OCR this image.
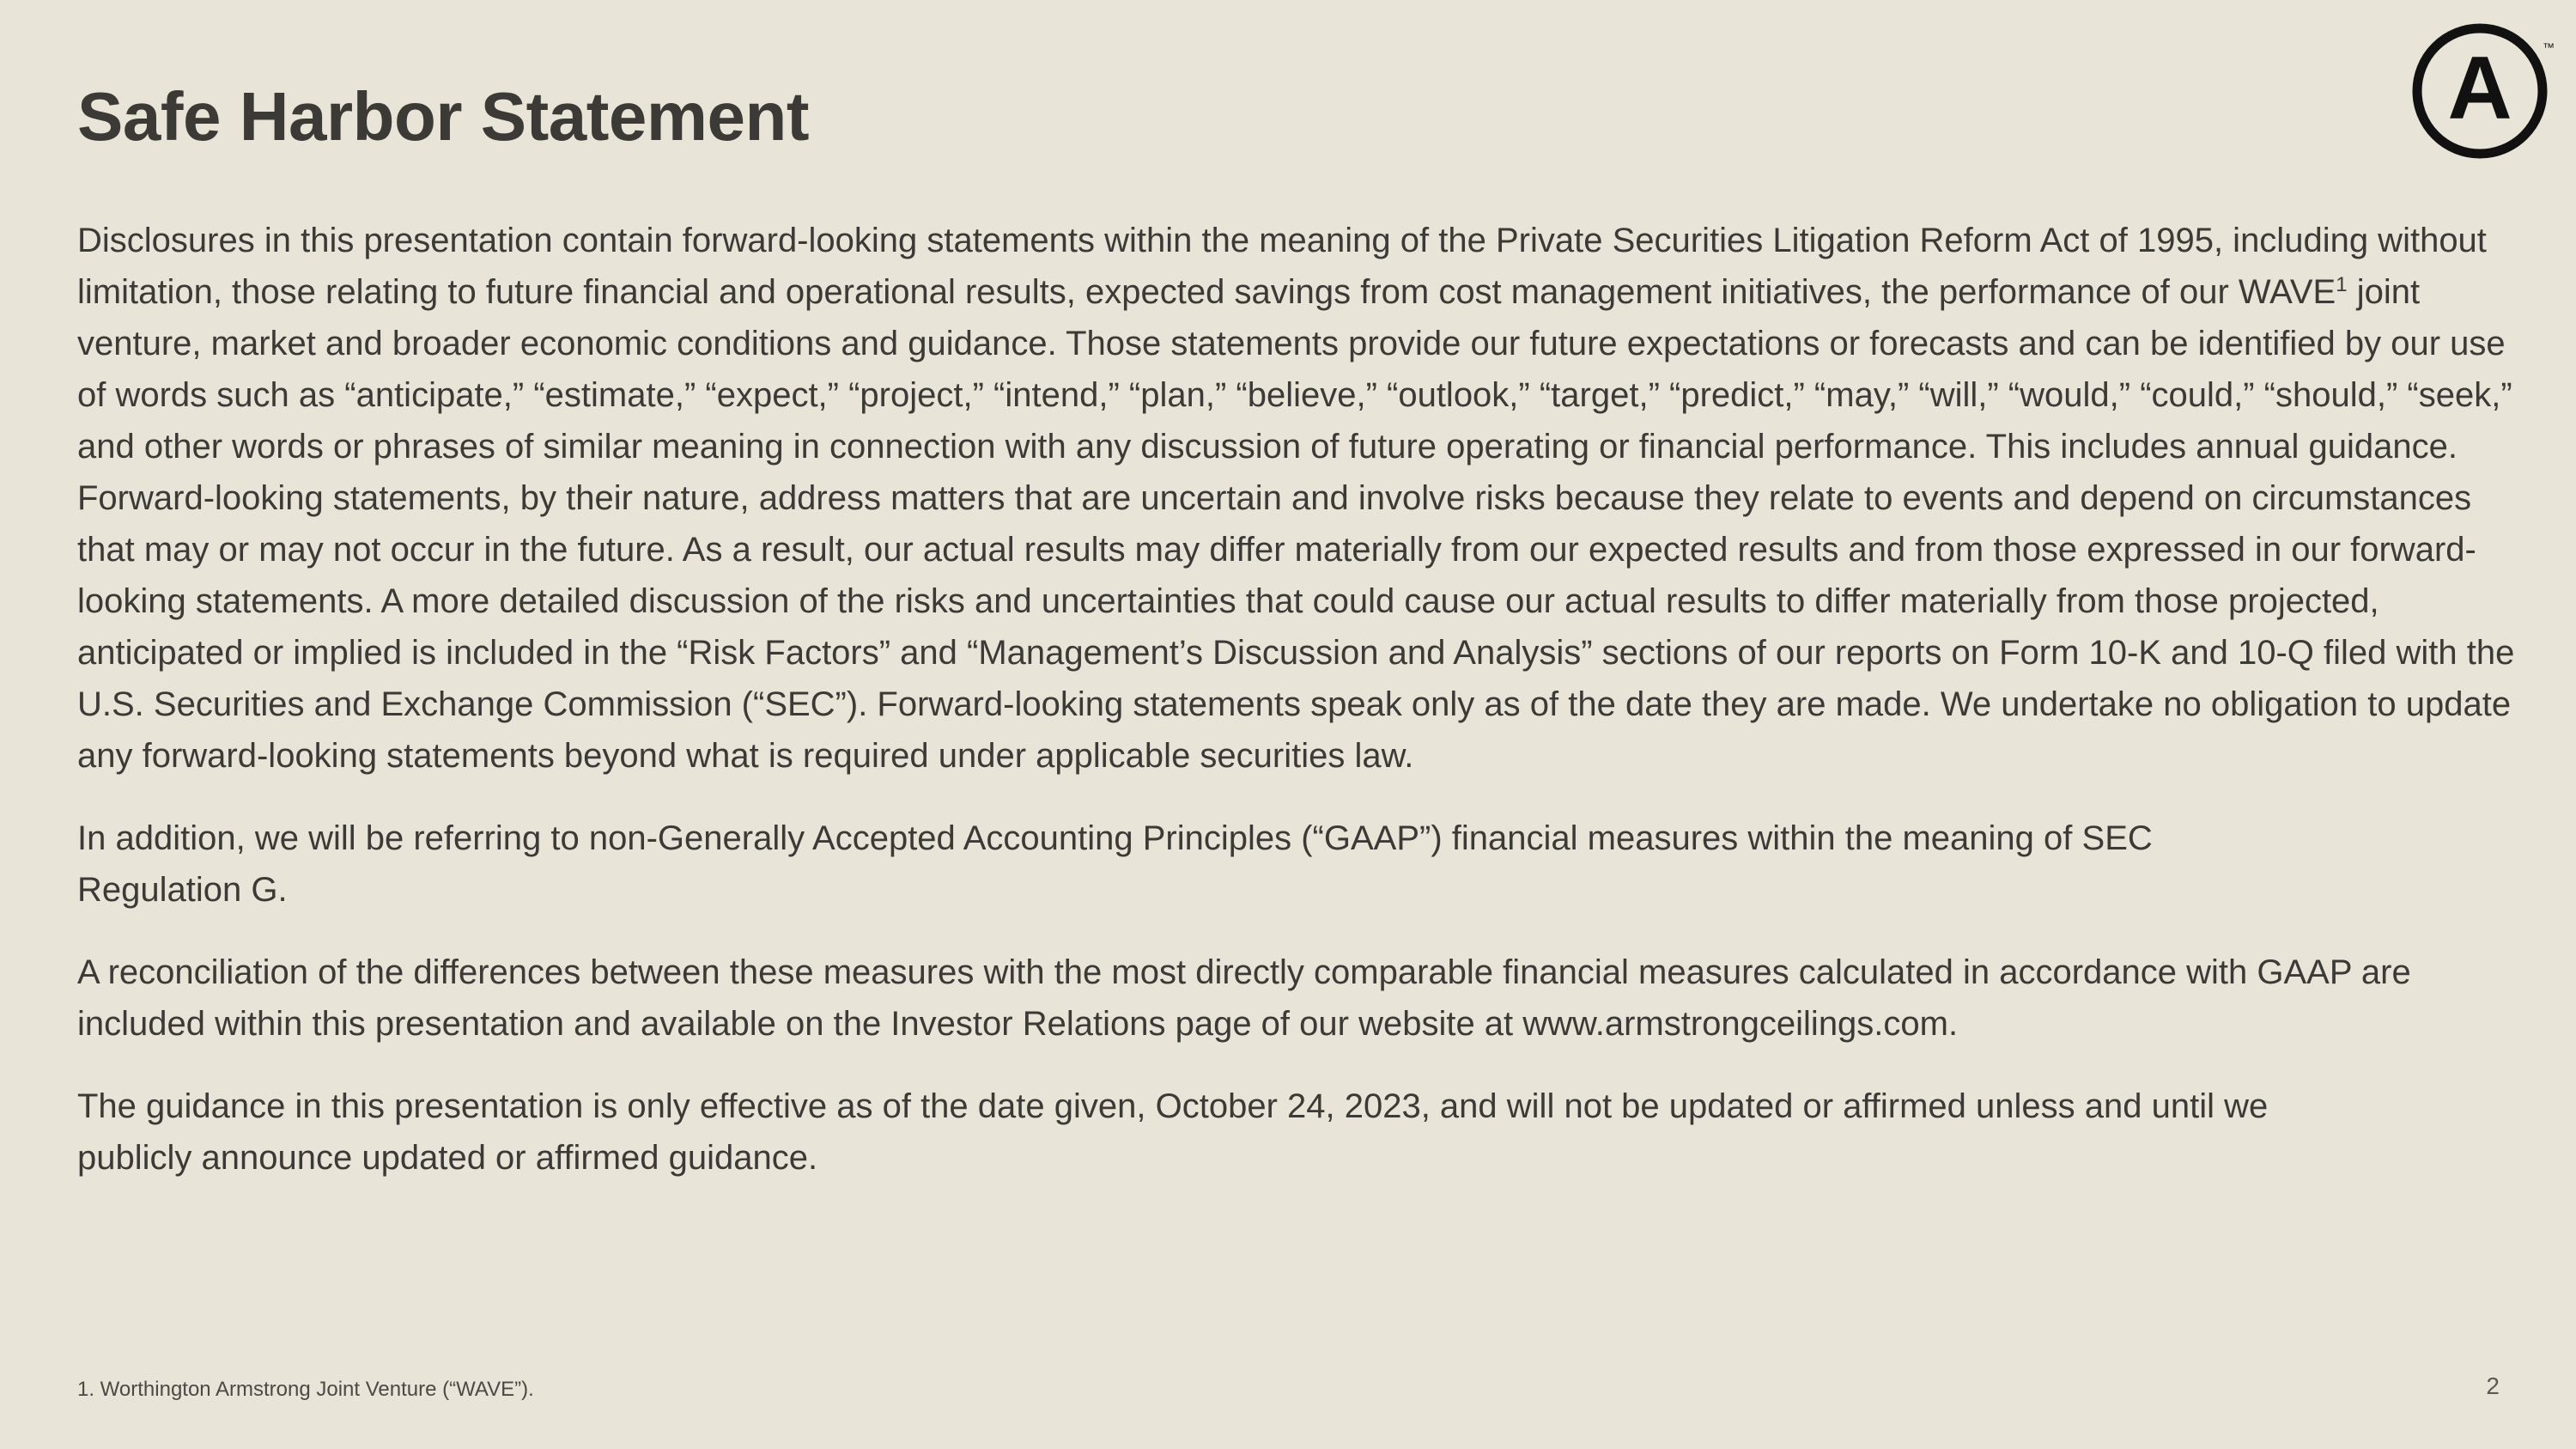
Safe Harbor Statement	A	™

Disclosures in this presentation contain forward-looking statements within the meaning of the Private Securities Litigation Reform Act of 1995, including without limitation, those relating to future financial and operational results, expected savings from cost management initiatives, the performance of our WAVE$^1$ joint venture, market and broader economic conditions and guidance. Those statements provide our future expectations or forecasts and can be identified by our use of words such as “anticipate,” “estimate,” “expect,” “project,” “intend,” “plan,” “believe,” “outlook,” “target,” “predict,” “may,” “will,” “would,” “could,” “should,” “seek,” and other words or phrases of similar meaning in connection with any discussion of future operating or financial performance. This includes annual guidance. Forward-looking statements, by their nature, address matters that are uncertain and involve risks because they relate to events and depend on circumstances that may or may not occur in the future. As a result, our actual results may differ materially from our expected results and from those expressed in our forward-looking statements. A more detailed discussion of the risks and uncertainties that could cause our actual results to differ materially from those projected, anticipated or implied is included in the “Risk Factors” and “Management’s Discussion and Analysis” sections of our reports on Form 10-K and 10-Q filed with the U.S. Securities and Exchange Commission (“SEC”). Forward-looking statements speak only as of the date they are made. We undertake no obligation to update any forward-looking statements beyond what is required under applicable securities law.

In addition, we will be referring to non-Generally Accepted Accounting Principles (“GAAP”) financial measures within the meaning of SEC Regulation G.

A reconciliation of the differences between these measures with the most directly comparable financial measures calculated in accordance with GAAP are included within this presentation and available on the Investor Relations page of our website at www.armstrongceilings.com.

The guidance in this presentation is only effective as of the date given, October 24, 2023, and will not be updated or affirmed unless and until we publicly announce updated or affirmed guidance.

1. Worthington Armstrong Joint Venture (“WAVE”).	2
